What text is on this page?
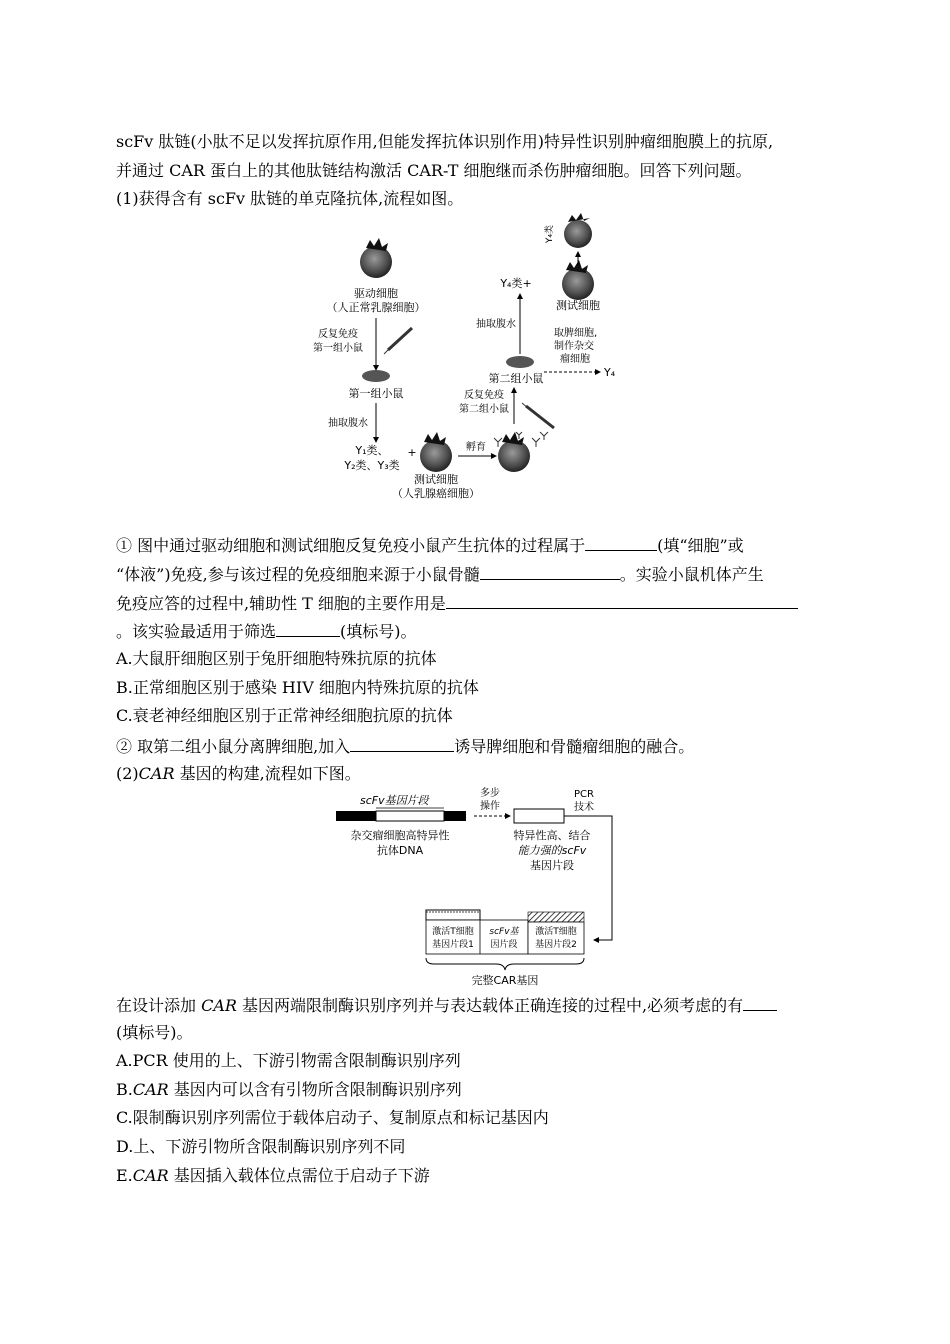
scFv 肽链(小肽不足以发挥抗原作用,但能发挥抗体识别作用)特异性识别肿瘤细胞膜上的抗原,
并通过 CAR 蛋白上的其他肽链结构激活 CAR-T 细胞继而杀伤肿瘤细胞。回答下列问题。
(1)获得含有 scFv 肽链的单克隆抗体,流程如图。
驱动细胞
（人正常乳腺细胞）
反复免疫
第一组小鼠
第一组小鼠
抽取腹水
Y₁类、
Y₂类、Y₃类
+
测试细胞
（人乳腺癌细胞）
孵育
反复免疫
第二组小鼠
第二组小鼠
抽取腹水
取脾细胞,
制作杂交
瘤细胞
Y₄
Y₄类+
测试细胞
Y₄类
① 图中通过驱动细胞和测试细胞反复免疫小鼠产生抗体的过程属于	(填“细胞”或
“体液”)免疫,参与该过程的免疫细胞来源于小鼠骨髓	。实验小鼠机体产生
免疫应答的过程中,辅助性 T 细胞的主要作用是
。该实验最适用于筛选	(填标号)。
A.大鼠肝细胞区别于兔肝细胞特殊抗原的抗体
B.正常细胞区别于感染 HIV 细胞内特殊抗原的抗体
C.衰老神经细胞区别于正常神经细胞抗原的抗体
② 取第二组小鼠分离脾细胞,加入	诱导脾细胞和骨髓瘤细胞的融合。
(2)CAR 基因的构建,流程如下图。
scFv基因片段
杂交瘤细胞高特异性
抗体DNA
多步
操作
特异性高、结合
能力强的scFv
基因片段
PCR
技术
激活T细胞
基因片段1
scFv基
因片段
激活T细胞
基因片段2
完整CAR基因
在设计添加 CAR 基因两端限制酶识别序列并与表达载体正确连接的过程中,必须考虑的有
(填标号)。
A.PCR 使用的上、下游引物需含限制酶识别序列
B.CAR 基因内可以含有引物所含限制酶识别序列
C.限制酶识别序列需位于载体启动子、复制原点和标记基因内
D.上、下游引物所含限制酶识别序列不同
E.CAR 基因插入载体位点需位于启动子下游
